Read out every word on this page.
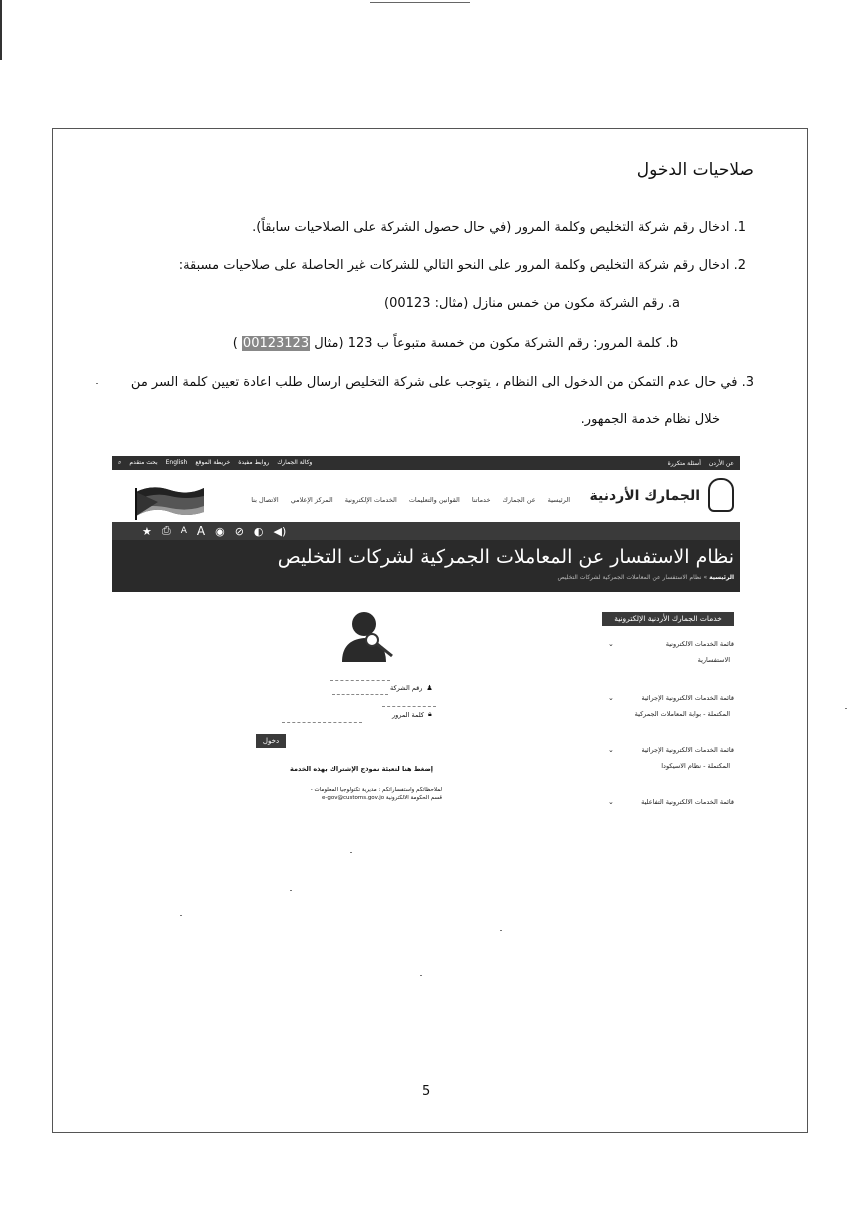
صلاحيات الدخول
1. ادخال رقم شركة التخليص وكلمة المرور (في حال حصول الشركة على الصلاحيات سابقاً).
2. ادخال رقم شركة التخليص وكلمة المرور على النحو التالي للشركات غير الحاصلة على صلاحيات مسبقة:
a. رقم الشركة مكون من خمس منازل (مثال: 00123)
b. كلمة المرور: رقم الشركة مكون من خمسة متبوعاً ب 123 (مثال 00123123 )
3. في حال عدم التمكن من الدخول الى النظام ، يتوجب على شركة التخليص ارسال طلب اعادة تعيين كلمة السر من
خلال نظام خدمة الجمهور.
عن الأردن
أسئلة متكررة
وكالة الجمارك
روابط مفيدة
خريطة الموقع
English
بحث متقدم
⌕
الجمارك الأردنية
الرئيسية
عن الجمارك
خدماتنا
القوانين والتعليمات
الخدمات الإلكترونية
المركز الإعلامي
الاتصال بنا
★ ⎙ A A ◉ ⊘ ◐ ◀)
نظام الاستفسار عن المعاملات الجمركية لشركات التخليص
الرئيسية » نظام الاستفسار عن المعاملات الجمركية لشركات التخليص
خدمات الجمارك الأردنية الإلكترونية
قائمة الخدمات الالكترونية
⌄
الاستفسارية
قائمة الخدمات الالكترونية الإجرائية
⌄
المكتملة - بوابة المعاملات الجمركية
قائمة الخدمات الالكترونية الإجرائية
⌄
المكتملة - نظام الاسيكودا
قائمة الخدمات الالكترونية التفاعلية
⌄
♟
رقم الشركة
🔒︎
كلمة المرور
دخول
إضغط هنا لتعبئة نموذج الإشتراك بهذه الخدمة
لملاحظاتكم واستفساراتكم : مديرية تكنولوجيا المعلومات - قسم الحكومة الالكترونية e-gov@customs.gov.jo
5
